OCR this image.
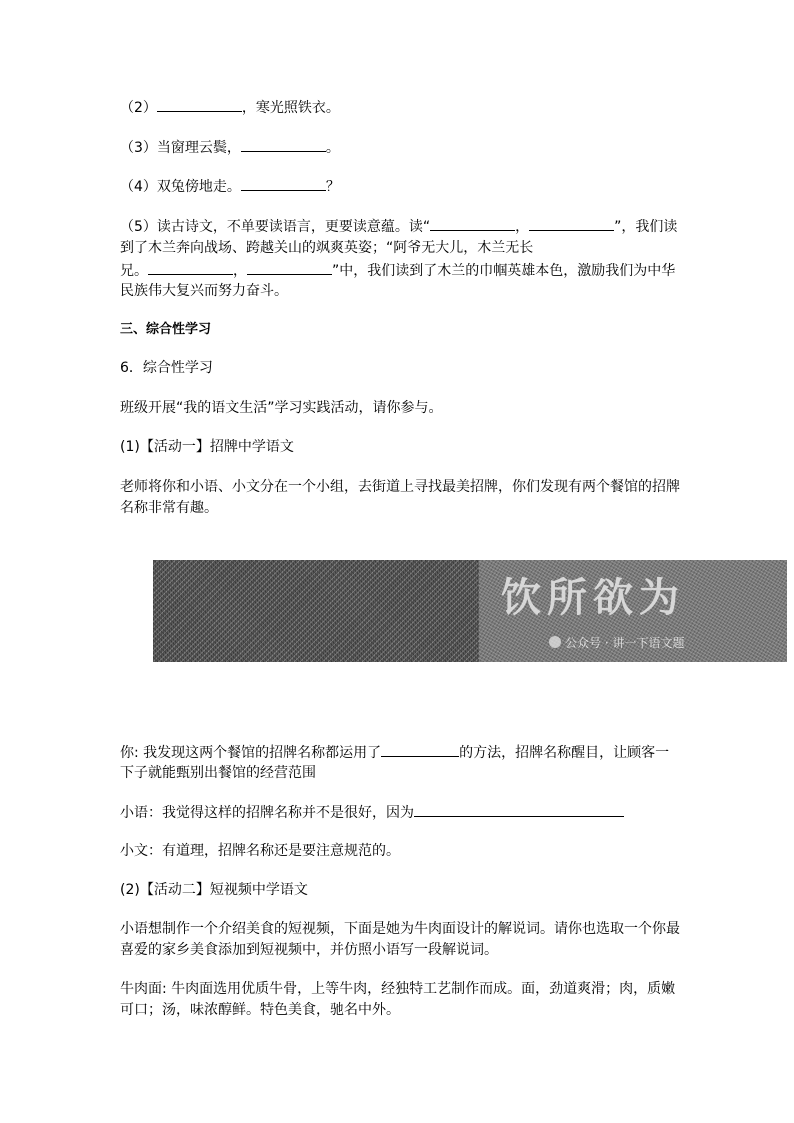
（2）	，寒光照铁衣。
（3）当窗理云鬓，	。
（4）双兔傍地走。	？
（5）读古诗文，不单要读语言，更要读意蕴。读“	，	”，我们读
到了木兰奔向战场、跨越关山的飒爽英姿；“阿爷无大儿，木兰无长
兄。	，	”中，我们读到了木兰的巾帼英雄本色，激励我们为中华
民族伟大复兴而努力奋斗。
三、综合性学习
6．综合性学习
班级开展“我的语文生活”学习实践活动，请你参与。
(1)【活动一】招牌中学语文
老师将你和小语、小文分在一个小组，去街道上寻找最美招牌，你们发现有两个餐馆的招牌
名称非常有趣。
饮所欲为
公众号 · 讲一下语文题
你: 我发现这两个餐馆的招牌名称都运用了	的方法，招牌名称醒目，让顾客一
下子就能甄别出餐馆的经营范围
小语：我觉得这样的招牌名称并不是很好，因为
小文：有道理，招牌名称还是要注意规范的。
(2)【活动二】短视频中学语文
小语想制作一个介绍美食的短视频，下面是她为牛肉面设计的解说词。请你也选取一个你最
喜爱的家乡美食添加到短视频中，并仿照小语写一段解说词。
牛肉面: 牛肉面选用优质牛骨，上等牛肉，经独特工艺制作而成。面，劲道爽滑；肉，质嫩
可口；汤，味浓醇鲜。特色美食，驰名中外。
